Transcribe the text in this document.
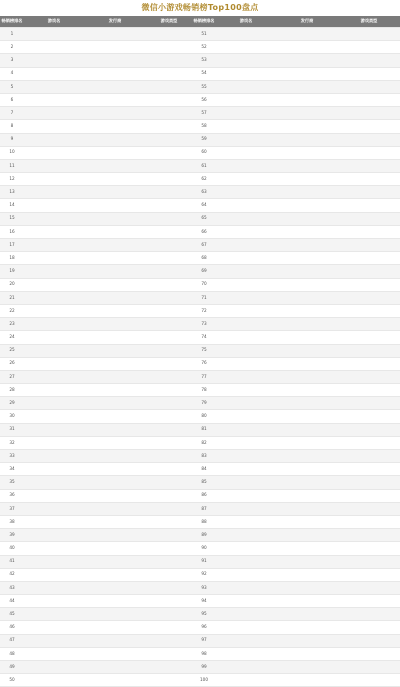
微信小游戏畅销榜Top100盘点
畅销榜排名	游戏名	发行商	游戏类型	畅销榜排名	游戏名	发行商	游戏类型
1				51			
2				52			
3				53			
4				54			
5				55			
6				56			
7				57			
8				58			
9				59			
10				60			
11				61			
12				62			
13				63			
14				64			
15				65			
16				66			
17				67			
18				68			
19				69			
20				70			
21				71			
22				72			
23				73			
24				74			
25				75			
26				76			
27				77			
28				78			
29				79			
30				80			
31				81			
32				82			
33				83			
34				84			
35				85			
36				86			
37				87			
38				88			
39				89			
40				90			
41				91			
42				92			
43				93			
44				94			
45				95			
46				96			
47				97			
48				98			
49				99			
50				100			
